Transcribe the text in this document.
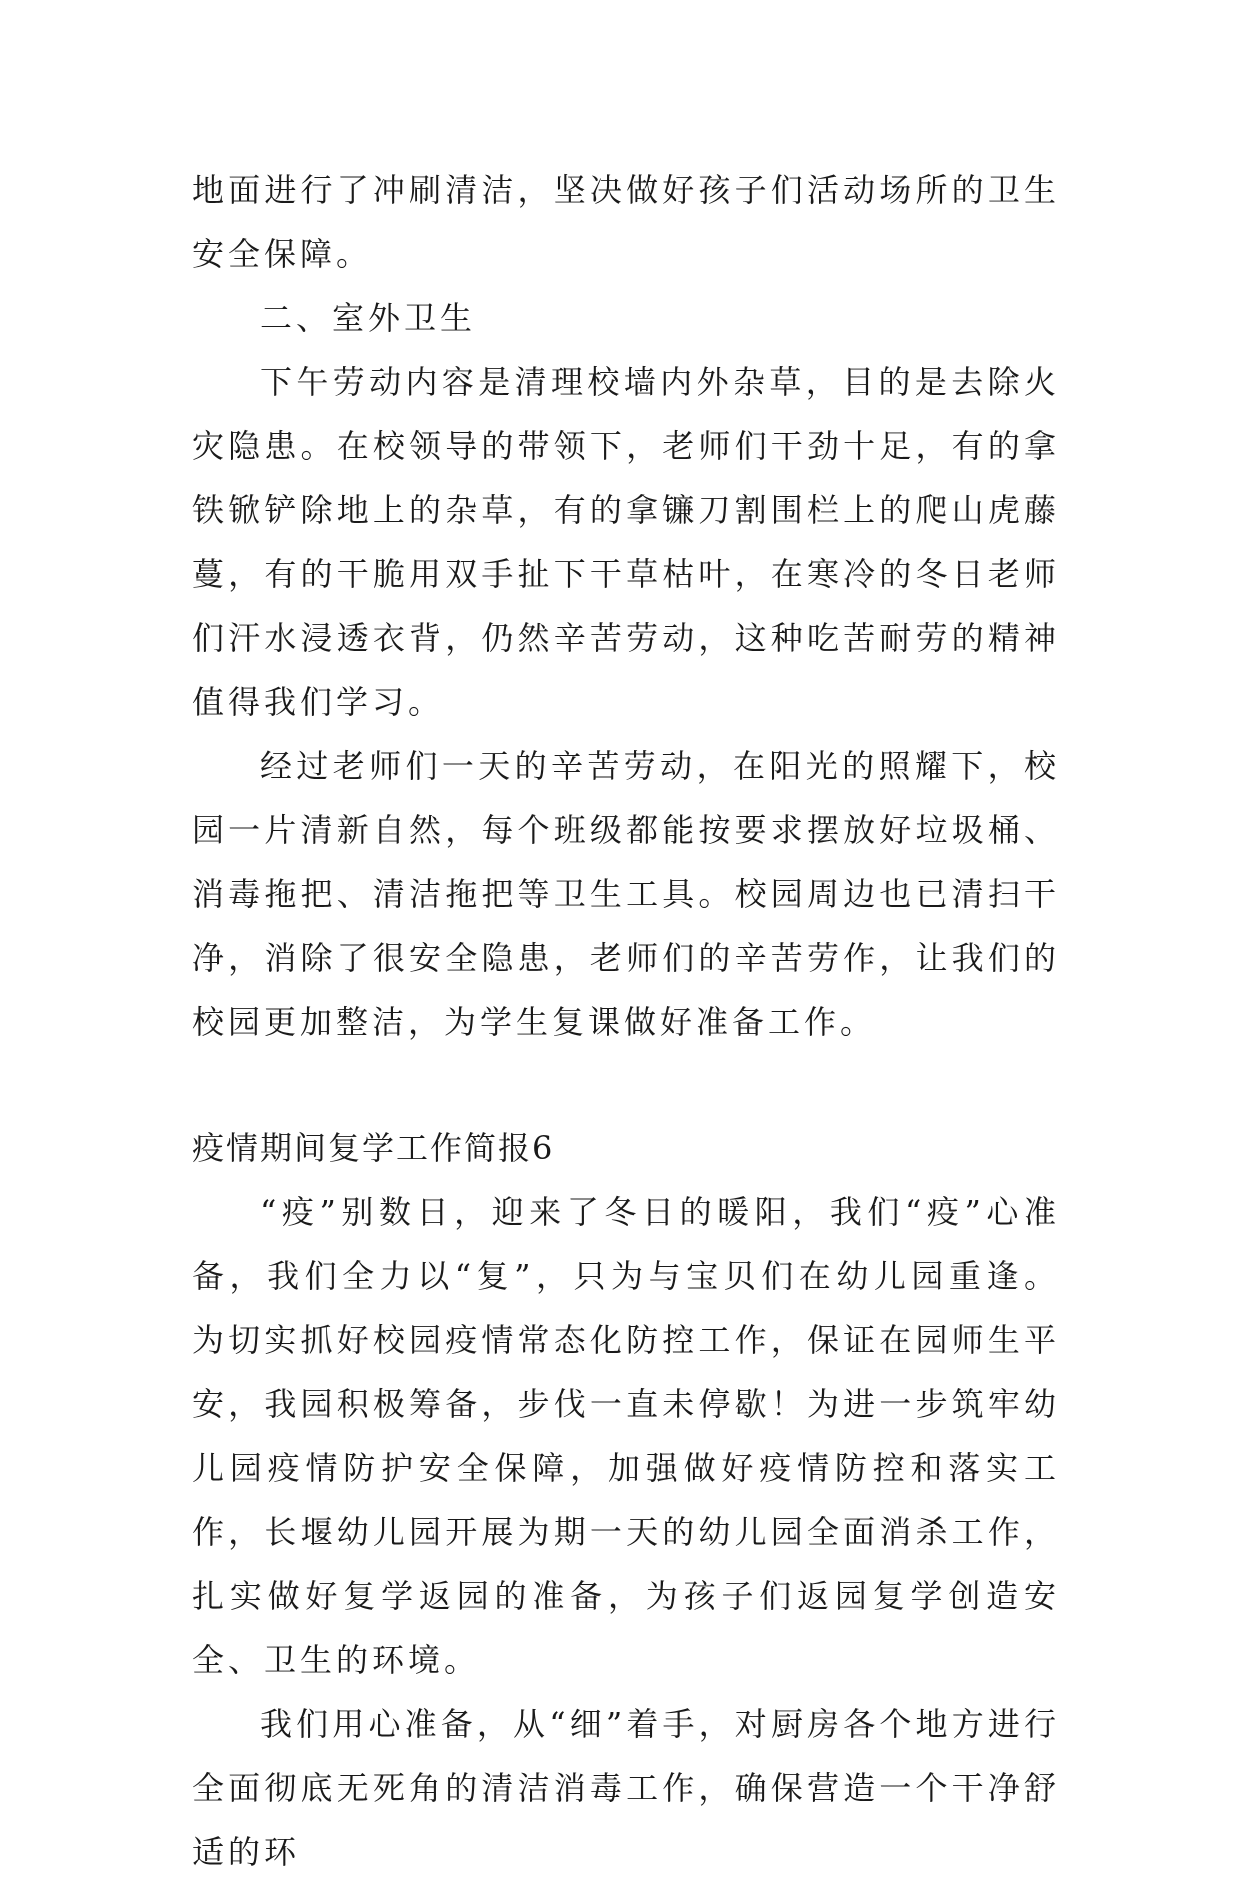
地面进行了冲刷清洁，坚决做好孩子们活动场所的卫生安全保障。

二、室外卫生

下午劳动内容是清理校墙内外杂草，目的是去除火灾隐患。在校领导的带领下，老师们干劲十足，有的拿铁锨铲除地上的杂草，有的拿镰刀割围栏上的爬山虎藤蔓，有的干脆用双手扯下干草枯叶，在寒冷的冬日老师们汗水浸透衣背，仍然辛苦劳动，这种吃苦耐劳的精神值得我们学习。

经过老师们一天的辛苦劳动，在阳光的照耀下，校园一片清新自然，每个班级都能按要求摆放好垃圾桶、消毒拖把、清洁拖把等卫生工具。校园周边也已清扫干净，消除了很安全隐患，老师们的辛苦劳作，让我们的校园更加整洁，为学生复课做好准备工作。

疫情期间复学工作简报6

“疫”别数日，迎来了冬日的暖阳，我们“疫”心准备，我们全力以“复”，只为与宝贝们在幼儿园重逢。为切实抓好校园疫情常态化防控工作，保证在园师生平安，我园积极筹备，步伐一直未停歇！为进一步筑牢幼儿园疫情防护安全保障，加强做好疫情防控和落实工作，长堰幼儿园开展为期一天的幼儿园全面消杀工作，扎实做好复学返园的准备，为孩子们返园复学创造安全、卫生的环境。

我们用心准备，从“细”着手，对厨房各个地方进行全面彻底无死角的清洁消毒工作，确保营造一个干净舒适的环
